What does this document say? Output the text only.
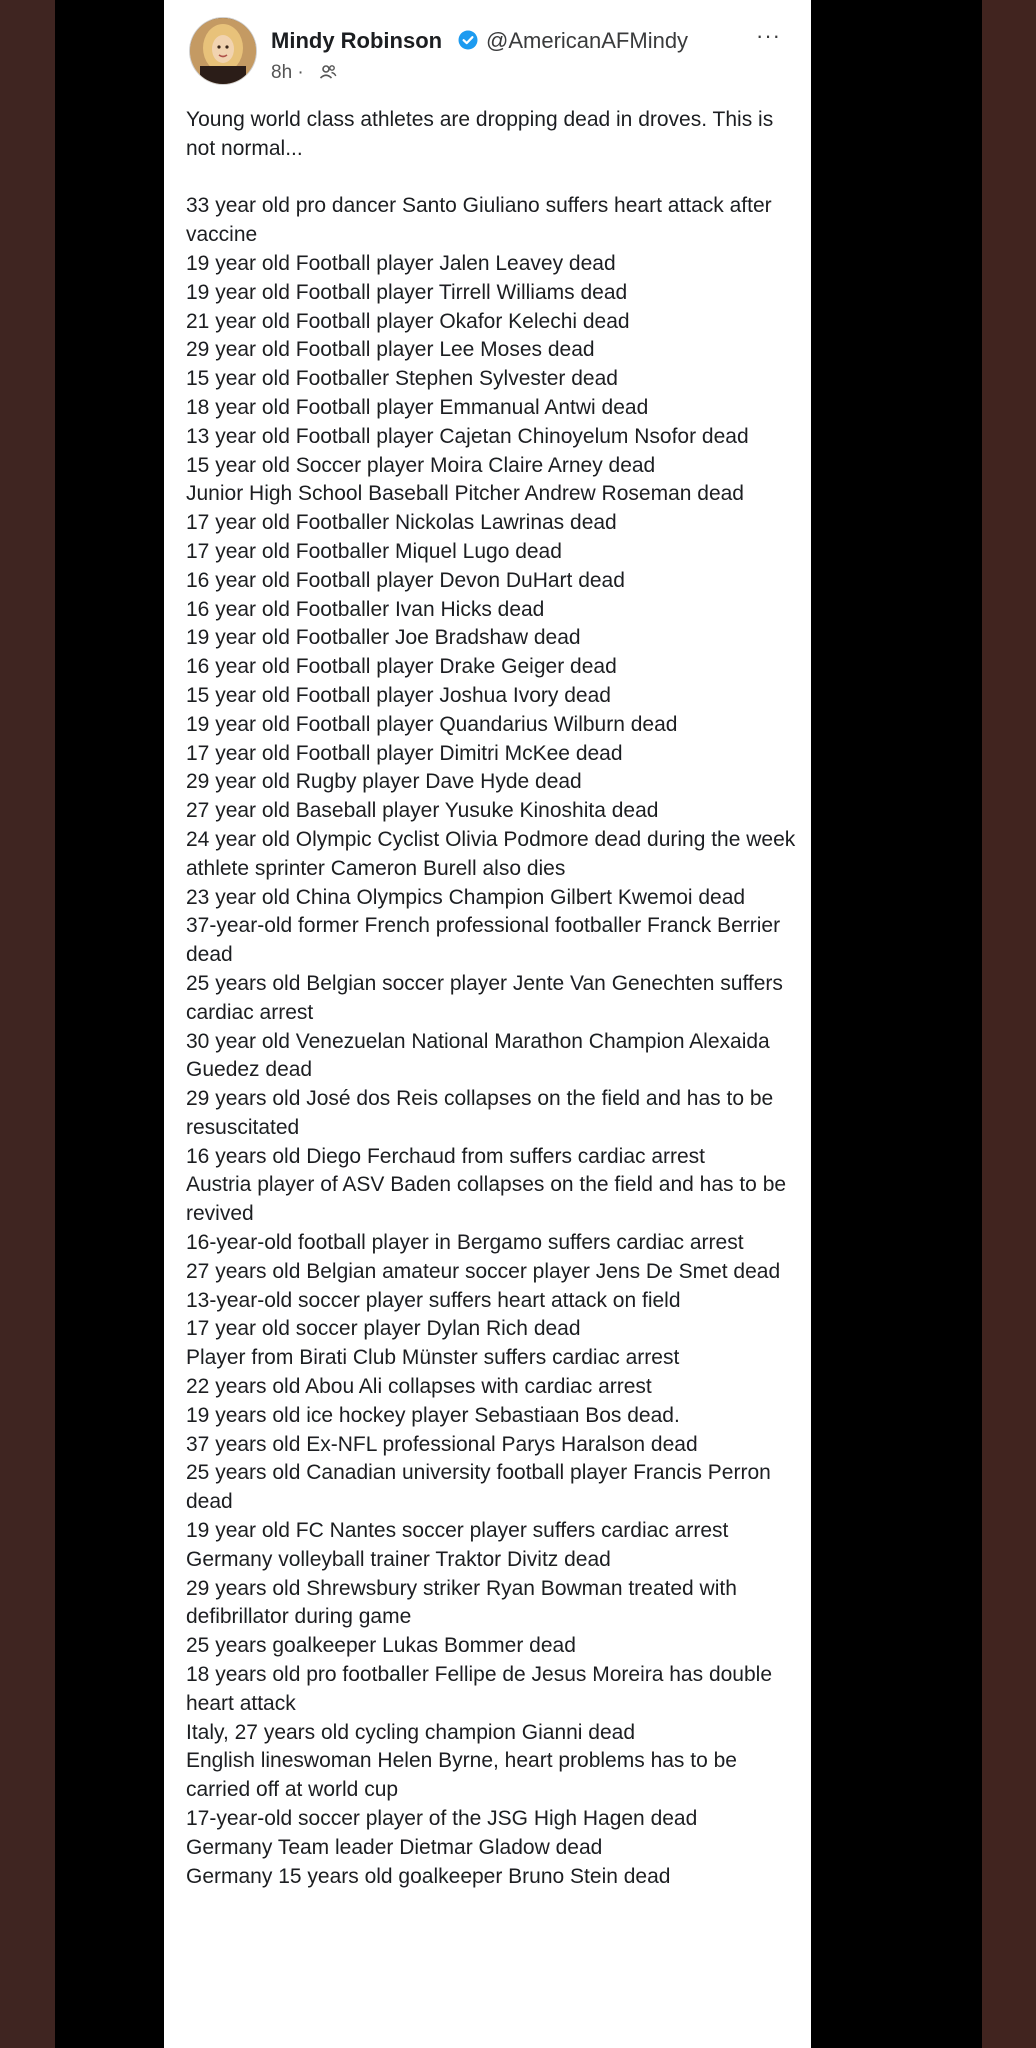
Mindy Robinson @AmericanAFMindy	···
8h ·

Young world class athletes are dropping dead in droves. This is not normal...

33 year old pro dancer Santo Giuliano suffers heart attack after vaccine
19 year old Football player Jalen Leavey dead
19 year old Football player Tirrell Williams dead
21 year old Football player Okafor Kelechi dead
29 year old Football player Lee Moses dead
15 year old Footballer Stephen Sylvester dead
18 year old Football player Emmanual Antwi dead
13 year old Football player Cajetan Chinoyelum Nsofor dead
15 year old Soccer player Moira Claire Arney dead
Junior High School Baseball Pitcher Andrew Roseman dead
17 year old Footballer Nickolas Lawrinas dead
17 year old Footballer Miquel Lugo dead
16 year old Football player Devon DuHart dead
16 year old Footballer Ivan Hicks dead
19 year old Footballer Joe Bradshaw dead
16 year old Football player Drake Geiger dead
15 year old Football player Joshua Ivory dead
19 year old Football player Quandarius Wilburn dead
17 year old Football player Dimitri McKee dead
29 year old Rugby player Dave Hyde dead
27 year old Baseball player Yusuke Kinoshita dead
24 year old Olympic Cyclist Olivia Podmore dead during the week athlete sprinter Cameron Burell also dies
23 year old China Olympics Champion Gilbert Kwemoi dead
37-year-old former French professional footballer Franck Berrier dead
25 years old Belgian soccer player Jente Van Genechten suffers cardiac arrest
30 year old Venezuelan National Marathon Champion Alexaida Guedez dead
29 years old José dos Reis collapses on the field and has to be resuscitated
16 years old Diego Ferchaud from suffers cardiac arrest
Austria player of ASV Baden collapses on the field and has to be revived
16-year-old football player in Bergamo suffers cardiac arrest
27 years old Belgian amateur soccer player Jens De Smet dead
13-year-old soccer player suffers heart attack on field
17 year old soccer player Dylan Rich dead
Player from Birati Club Münster suffers cardiac arrest
22 years old Abou Ali collapses with cardiac arrest
19 years old ice hockey player Sebastiaan Bos dead.
37 years old Ex-NFL professional Parys Haralson dead
25 years old Canadian university football player Francis Perron dead
19 year old FC Nantes soccer player suffers cardiac arrest
Germany volleyball trainer Traktor Divitz dead
29 years old Shrewsbury striker Ryan Bowman treated with defibrillator during game
25 years goalkeeper Lukas Bommer dead
18 years old pro footballer Fellipe de Jesus Moreira has double heart attack
Italy, 27 years old cycling champion Gianni dead
English lineswoman Helen Byrne, heart problems has to be carried off at world cup
17-year-old soccer player of the JSG High Hagen dead
Germany Team leader Dietmar Gladow dead
Germany 15 years old goalkeeper Bruno Stein dead
